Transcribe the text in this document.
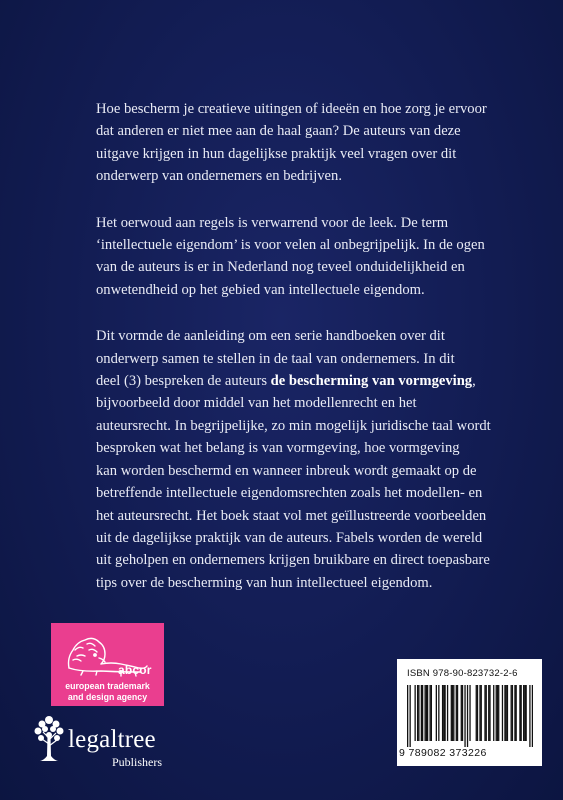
Hoe bescherm je creatieve uitingen of ideeën en hoe zorg je ervoor
dat anderen er niet mee aan de haal gaan? De auteurs van deze
uitgave krijgen in hun dagelijkse praktijk veel vragen over dit
onderwerp van ondernemers en bedrijven.

Het oerwoud aan regels is verwarrend voor de leek. De term
‘intellectuele eigendom’ is voor velen al onbegrijpelijk. In de ogen
van de auteurs is er in Nederland nog teveel onduidelijkheid en
onwetendheid op het gebied van intellectuele eigendom.

Dit vormde de aanleiding om een serie handboeken over dit
onderwerp samen te stellen in de taal van ondernemers. In dit
deel (3) bespreken de auteurs de bescherming van vormgeving,
bijvoorbeeld door middel van het modellenrecht en het
auteursrecht. In begrijpelijke, zo min mogelijk juridische taal wordt
besproken wat het belang is van vormgeving, hoe vormgeving
kan worden beschermd en wanneer inbreuk wordt gemaakt op de
betreffende intellectuele eigendomsrechten zoals het modellen- en
het auteursrecht. Het boek staat vol met geïllustreerde voorbeelden
uit de dagelijkse praktijk van de auteurs. Fabels worden de wereld
uit geholpen en ondernemers krijgen bruikbare en direct toepasbare
tips over de bescherming van hun intellectueel eigendom.

abcor
european trademark
and design agency
legaltree
Publishers
ISBN 978-90-823732-2-6
9 789082 373226
